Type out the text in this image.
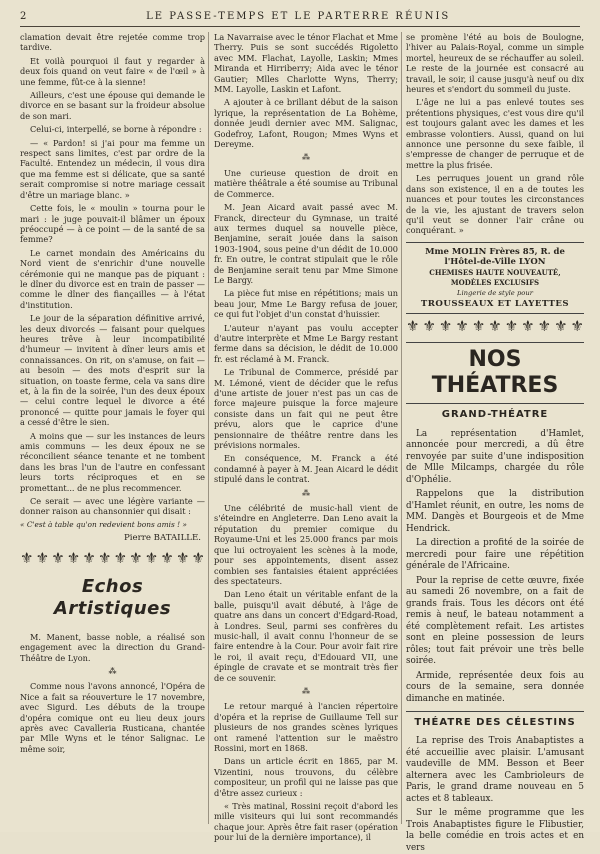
2	LE PASSE-TEMPS ET LE PARTERRE RÉUNIS

clamation devait être rejetée comme trop tardive.

Et voilà pourquoi il faut y regarder à deux fois quand on veut faire « de l'œil » à une femme, fût-ce à la sienne!

Ailleurs, c'est une épouse qui demande le divorce en se basant sur la froideur absolue de son mari.

Celui-ci, interpellé, se borne à répondre :

— « Pardon! si j'ai pour ma femme un respect sans limites, c'est par ordre de la Faculté. Entendez un médecin, il vous dira que ma femme est si délicate, que sa santé serait compromise si notre mariage cessait d'être un mariage blanc. »

Cette fois, le « moulin » tourna pour le mari : le juge pouvait-il blâmer un époux préoccupé — à ce point — de la santé de sa femme?

Le carnet mondain des Américains du Nord vient de s'enrichir d'une nouvelle cérémonie qui ne manque pas de piquant : le dîner du divorce est en train de passer — comme le dîner des fiançailles — à l'état d'institution.

Le jour de la séparation définitive arrivé, les deux divorcés — faisant pour quelques heures trêve à leur incompatibilité d'humeur — invitent à dîner leurs amis et connaissances. On rit, on s'amuse, on fait — au besoin — des mots d'esprit sur la situation, on toaste ferme, cela va sans dire et, à la fin de la soirée, l'un des deux époux — celui contre lequel le divorce a été prononcé — quitte pour jamais le foyer qui a cessé d'être le sien.

A moins que — sur les instances de leurs amis communs — les deux époux ne se réconcilient séance tenante et ne tombent dans les bras l'un de l'autre en confessant leurs torts réciproques et en se promettant... de ne plus recommencer.

Ce serait — avec une légère variante — donner raison au chansonnier qui disait :

« C'est à table qu'on redevient bons amis ! »

Pierre BATAILLE.
⚜ ⚜ ⚜ ⚜ ⚜ ⚜ ⚜ ⚜ ⚜ ⚜ ⚜ ⚜
Echos Artistiques

M. Manent, basse noble, a réalisé son engagement avec la direction du Grand-Théâtre de Lyon.

⁂

Comme nous l'avons annoncé, l'Opéra de Nice a fait sa réouverture le 17 novembre, avec Sigurd. Les débuts de la troupe d'opéra comique ont eu lieu deux jours après avec Cavalleria Rusticana, chantée par Mlle Wyns et le ténor Salignac. Le même soir,

La Navarraise avec le ténor Flachat et Mme Therry. Puis se sont succédés Rigoletto avec MM. Flachat, Layolle, Laskin; Mmes Miranda et Hirriberry; Aida avec le ténor Gautier; Mlles Charlotte Wyns, Therry; MM. Layolle, Laskin et Lafont.

A ajouter à ce brillant début de la saison lyrique, la représentation de La Bohème, donnée jeudi dernier avec MM. Salignac, Godefroy, Lafont, Rougon; Mmes Wyns et Dereyme.

⁂

Une curieuse question de droit en matière théâtrale a été soumise au Tribunal de Commerce.

M. Jean Aicard avait passé avec M. Franck, directeur du Gymnase, un traité aux termes duquel sa nouvelle pièce, Benjamine, serait jouée dans la saison 1903-1904, sous peine d'un dédit de 10.000 fr. En outre, le contrat stipulait que le rôle de Benjamine serait tenu par Mme Simone Le Bargy.

La pièce fut mise en répétitions; mais un beau jour, Mme Le Bargy refusa de jouer, ce qui fut l'objet d'un constat d'huissier.

L'auteur n'ayant pas voulu accepter d'autre interprète et Mme Le Bargy restant ferme dans sa décision, le dédit de 10.000 fr. est réclamé à M. Franck.

Le Tribunal de Commerce, présidé par M. Lémoné, vient de décider que le refus d'une artiste de jouer n'est pas un cas de force majeure puisque la force majeure consiste dans un fait qui ne peut être prévu, alors que le caprice d'une pensionnaire de théâtre rentre dans les prévisions normales.

En conséquence, M. Franck a été condamné à payer à M. Jean Aicard le dédit stipulé dans le contrat.

⁂

Une célébrité de music-hall vient de s'éteindre en Angleterre. Dan Leno avait la réputation du premier comique du Royaume-Uni et les 25.000 francs par mois que lui octroyaient les scènes à la mode, pour ses appointements, disent assez combien ses fantaisies étaient appréciées des spectateurs.

Dan Leno était un véritable enfant de la balle, puisqu'il avait débuté, à l'âge de quatre ans dans un concert d'Edgard-Road, à Londres. Seul, parmi ses confrères du music-hall, il avait connu l'honneur de se faire entendre à la Cour. Pour avoir fait rire le roi, il avait reçu, d'Edouard VII, une épingle de cravate et se montrait très fier de ce souvenir.

⁂

Le retour marqué à l'ancien répertoire d'opéra et la reprise de Guillaume Tell sur plusieurs de nos grandes scènes lyriques ont ramené l'attention sur le maëstro Rossini, mort en 1868.

Dans un article écrit en 1865, par M. Vizentini, nous trouvons, du célèbre compositeur, un profil qui ne laisse pas que d'être assez curieux :

« Très matinal, Rossini reçoit d'abord les mille visiteurs qui lui sont recommandés chaque jour. Après être fait raser (opération pour lui de la dernière importance), il

se promène l'été au bois de Boulogne, l'hiver au Palais-Royal, comme un simple mortel, heureux de se réchauffer au soleil. Le reste de la journée est consacré au travail, le soir, il cause jusqu'à neuf ou dix heures et s'endort du sommeil du juste.

L'âge ne lui a pas enlevé toutes ses prétentions physiques, c'est vous dire qu'il est toujours galant avec les dames et les embrasse volontiers. Aussi, quand on lui annonce une personne du sexe faible, il s'empresse de changer de perruque et de mettre la plus frisée.

Les perruques jouent un grand rôle dans son existence, il en a de toutes les nuances et pour toutes les circonstances de la vie, les ajustant de travers selon qu'il veut se donner l'air crâne ou conquérant. »

Mme MOLIN Frères 85, R. de l'Hôtel-de-Ville LYON
CHEMISES HAUTE NOUVEAUTÉ, MODÈLES EXCLUSIFS
Lingerie de style pour
TROUSSEAUX ET LAYETTES
⚜ ⚜ ⚜ ⚜ ⚜ ⚜ ⚜ ⚜ ⚜ ⚜ ⚜
NOS THÉATRES
GRAND-THÉATRE

La représentation d'Hamlet, annoncée pour mercredi, a dû être renvoyée par suite d'une indisposition de Mlle Milcamps, chargée du rôle d'Ophélie.

Rappelons que la distribution d'Hamlet réunit, en outre, les noms de MM. Dangès et Bourgeois et de Mme Hendrick.

La direction a profité de la soirée de mercredi pour faire une répétition générale de l'Africaine.

Pour la reprise de cette œuvre, fixée au samedi 26 novembre, on a fait de grands frais. Tous les décors ont été remis à neuf, le bateau notamment a été complètement refait. Les artistes sont en pleine possession de leurs rôles; tout fait prévoir une très belle soirée.

Armide, représentée deux fois au cours de la semaine, sera donnée dimanche en matinée.

THÉATRE DES CÉLESTINS

La reprise des Trois Anabaptistes a été accueillie avec plaisir. L'amusant vaudeville de MM. Besson et Beer alternera avec les Cambrioleurs de Paris, le grand drame nouveau en 5 actes et 8 tableaux.

Sur le même programme que les Trois Anabaptistes figure le Flibustier, la belle comédie en trois actes et en vers
